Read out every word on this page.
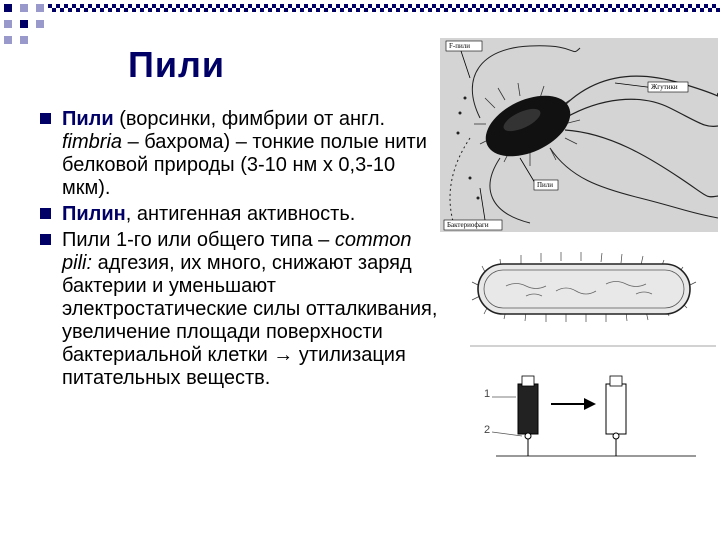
Пили
Пили (ворсинки, фимбрии от англ. fimbria – бахрома) – тонкие полые нити белковой природы (3-10 нм х 0,3-10 мкм).
Пилин, антигенная активность.
Пили 1-го или общего типа – common pili: адгезия, их много, снижают заряд бактерии и уменьшают электростатические силы отталкивания, увеличение площади поверхности бактериальной клетки → утилизация питательных веществ.
F-пили
Жгутики
Пили
Бактериофаги
1
2
